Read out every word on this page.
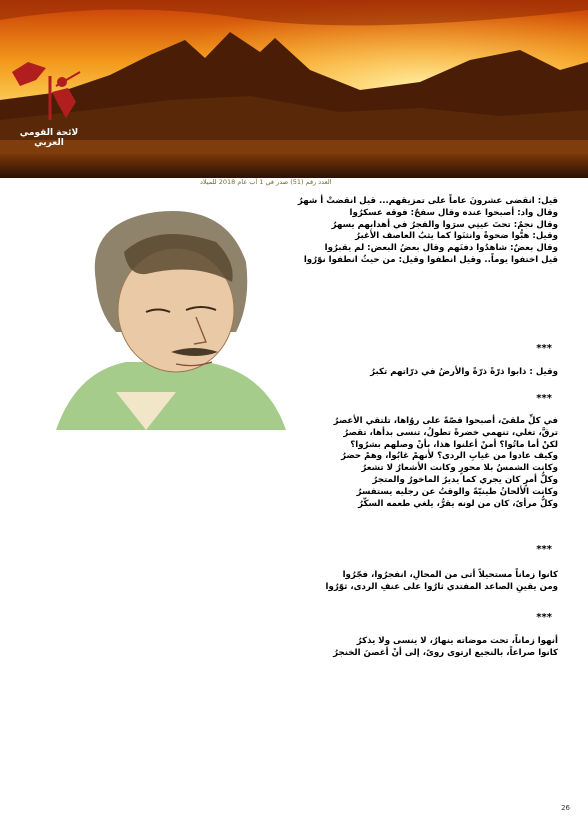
لائحة القومي العربي
العدد رقم (51) صدر في 1 آب عام 2018 للميلاد

قيل: انقضى عشرونَ عاماً على تمزيقهم... قيل انقضتْ أ شهرُ

وقال واد: أصبحوا عنده وقال سفحٌ: فوقه عسكرُوا

وقال نجمٌ: تحتَ عينِي سرَوا والفجرُ في أهدابهم يسهرُ

وقيل: هبُّوا ضحوةً وانثنَوا كما يثبُ العاصف الأغبرُ

وقال بعضٌ: شاهدُوا دفنَهم وقال بعضُ البعض: لم يقبرُوا

قيل اختفوا يوماً.. وقيل انطفوا وقيل: من حيثُ انطفوا نوّرُوا

***

وقيل : ذابوا ذرّةً ذرّةً والأرضُ في ذرّاتهم تكبرُ

***

في كلِّ ملقىً، أصبحوا قصّةً على روُاها، تلتقي الأعصرُ

ترقَّ، تغلي، تنهمي خضرةً تطولُ، تنسى بدأها، تقصرُ

لكنْ أما ماتُوا؟ أمنْ أعلنوا هذا، بأنْ وصلهم بشرُوا؟

وكيف عادوا من غيابِ الردى؟ لأنهمْ غابُوا، وهمْ حضرُ

وكانت الشمسُ بلا محورٍ وكانت الأشعارُ لا تشعرُ

وكلُّ أمرٍ كان يجري كما يديرُ الماخورُ والمتجرُ

وكانت الألحانُ طينيّةً والوقتُ عن رجليه يستفسرُ

وكلُّ مرأىً، كان من لونه يقرُّ، يلغي طعمه السكّرُ

***

كانوا زماناً مستحيلاً أتى من المحالِ، انفجرُوا، فجّرُوا

ومن يقينِ الصاعد المفتدي ثارُوا على عنفِ الردى، ثوّرُوا

***

أنهوا زماناً، تحت موضاته ينهارُ، لا ينسى ولا يذكرُ

كانوا صراعاً، بالنجيع ارتوى روىً، إلى أنْ أغصنَ الخنجرُ

26
